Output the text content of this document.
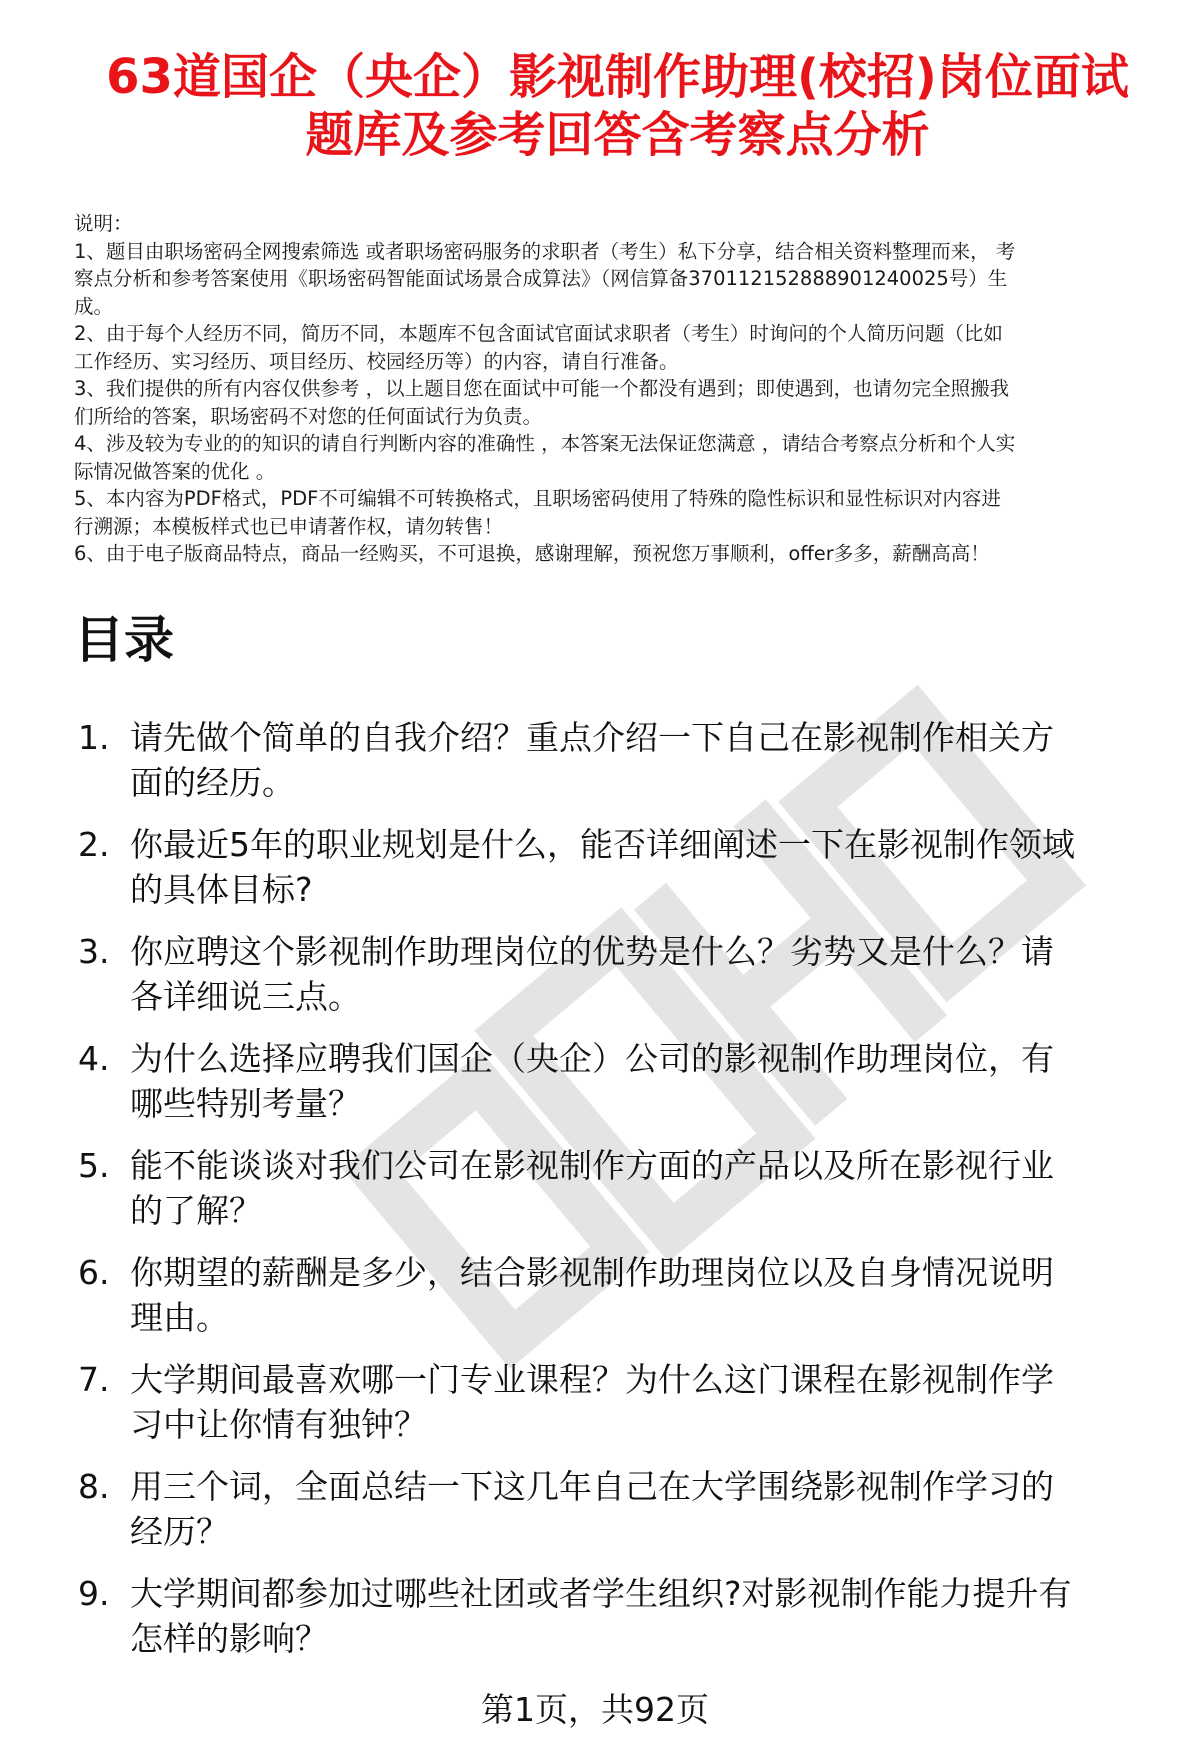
63道国企（央企）影视制作助理(校招)岗位面试
题库及参考回答含考察点分析
说明：
1、题目由职场密码全网搜索筛选 或者职场密码服务的求职者（考生）私下分享，结合相关资料整理而来， 考
察点分析和参考答案使用《职场密码智能面试场景合成算法》（网信算备370112152888901240025号）生
成。
2、由于每个人经历不同，简历不同，本题库不包含面试官面试求职者（考生）时询问的个人简历问题（比如
工作经历、实习经历、项目经历、校园经历等）的内容，请自行准备。
3、我们提供的所有内容仅供参考 ，以上题目您在面试中可能一个都没有遇到；即使遇到，也请勿完全照搬我
们所给的答案，职场密码不对您的任何面试行为负责。
4、涉及较为专业的的知识的请自行判断内容的准确性 ，本答案无法保证您满意 ，请结合考察点分析和个人实
际情况做答案的优化 。
5、本内容为PDF格式，PDF不可编辑不可转换格式，且职场密码使用了特殊的隐性标识和显性标识对内容进
行溯源；本模板样式也已申请著作权，请勿转售！
6、由于电子版商品特点，商品一经购买，不可退换，感谢理解，预祝您万事顺利，offer多多，薪酬高高！
目录
1. 请先做个简单的自我介绍？重点介绍一下自己在影视制作相关方
面的经历。
2. 你最近5年的职业规划是什么，能否详细阐述一下在影视制作领域
的具体目标?
3. 你应聘这个影视制作助理岗位的优势是什么？劣势又是什么？请
各详细说三点。
4. 为什么选择应聘我们国企（央企）公司的影视制作助理岗位，有
哪些特别考量？
5. 能不能谈谈对我们公司在影视制作方面的产品以及所在影视行业
的了解？
6. 你期望的薪酬是多少，结合影视制作助理岗位以及自身情况说明
理由。
7. 大学期间最喜欢哪一门专业课程？为什么这门课程在影视制作学
习中让你情有独钟？
8. 用三个词，全面总结一下这几年自己在大学围绕影视制作学习的
经历？
9. 大学期间都参加过哪些社团或者学生组织?对影视制作能力提升有
怎样的影响？
第1页，共92页
